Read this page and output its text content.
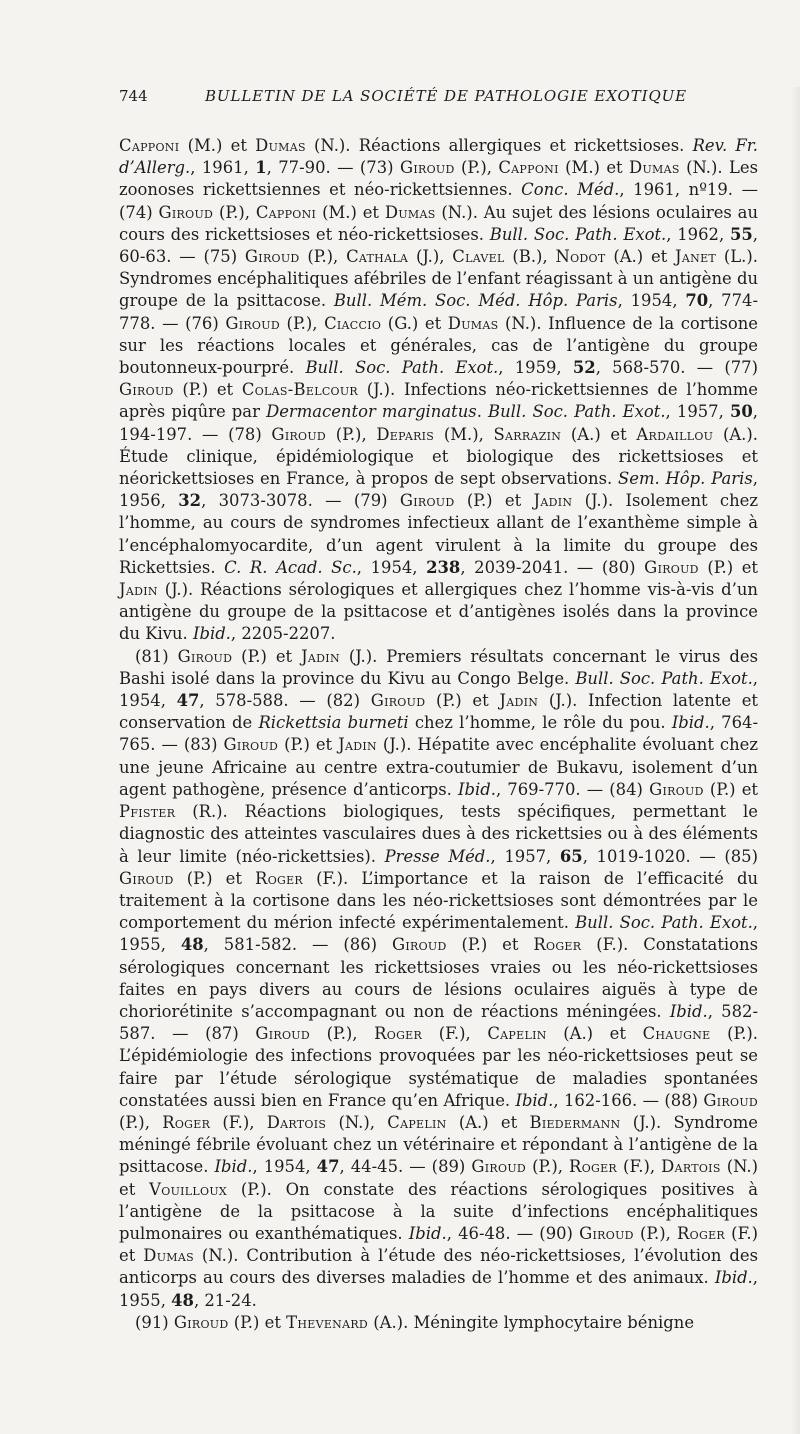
744	BULLETIN DE LA SOCIÉTÉ DE PATHOLOGIE EXOTIQUE

Capponi (M.) et Dumas (N.). Réactions allergiques et rickettsioses. Rev. Fr. d’Allerg., 1961, 1, 77-90. — (73) Giroud (P.), Capponi (M.) et Dumas (N.). Les zoonoses rickettsiennes et néo-rickettsiennes. Conc. Méd., 1961, nº19. — (74) Giroud (P.), Capponi (M.) et Dumas (N.). Au sujet des lésions oculaires au cours des rickettsioses et néo-rickettsioses. Bull. Soc. Path. Exot., 1962, 55, 60-63. — (75) Giroud (P.), Cathala (J.), Clavel (B.), Nodot (A.) et Janet (L.). Syndromes encéphalitiques afébriles de l’enfant réagissant à un antigène du groupe de la psittacose. Bull. Mém. Soc. Méd. Hôp. Paris, 1954, 70, 774-778. — (76) Giroud (P.), Ciaccio (G.) et Dumas (N.). Influence de la cortisone sur les réactions locales et générales, cas de l’antigène du groupe boutonneux-pourpré. Bull. Soc. Path. Exot., 1959, 52, 568-570. — (77) Giroud (P.) et Colas-Belcour (J.). Infections néo-rickettsiennes de l’homme après piqûre par Dermacentor marginatus. Bull. Soc. Path. Exot., 1957, 50, 194-197. — (78) Giroud (P.), Deparis (M.), Sarrazin (A.) et Ardaillou (A.). Étude clinique, épidémiologique et biologique des rickettsioses et néorickettsioses en France, à propos de sept observations. Sem. Hôp. Paris, 1956, 32, 3073-3078. — (79) Giroud (P.) et Jadin (J.). Isolement chez l’homme, au cours de syndromes infectieux allant de l’exanthème simple à l’encéphalomyocardite, d’un agent virulent à la limite du groupe des Rickettsies. C. R. Acad. Sc., 1954, 238, 2039-2041. — (80) Giroud (P.) et Jadin (J.). Réactions sérologiques et allergiques chez l’homme vis-à-vis d’un antigène du groupe de la psittacose et d’antigènes isolés dans la province du Kivu. Ibid., 2205-2207.

(81) Giroud (P.) et Jadin (J.). Premiers résultats concernant le virus des Bashi isolé dans la province du Kivu au Congo Belge. Bull. Soc. Path. Exot., 1954, 47, 578-588. — (82) Giroud (P.) et Jadin (J.). Infection latente et conservation de Rickettsia burneti chez l’homme, le rôle du pou. Ibid., 764-765. — (83) Giroud (P.) et Jadin (J.). Hépatite avec encéphalite évoluant chez une jeune Africaine au centre extra-coutumier de Bukavu, isolement d’un agent pathogène, présence d’anticorps. Ibid., 769-770. — (84) Giroud (P.) et Pfister (R.). Réactions biologiques, tests spécifiques, permettant le diagnostic des atteintes vasculaires dues à des rickettsies ou à des éléments à leur limite (néo-rickettsies). Presse Méd., 1957, 65, 1019-1020. — (85) Giroud (P.) et Roger (F.). L’importance et la raison de l’efficacité du traitement à la cortisone dans les néo-rickettsioses sont démontrées par le comportement du mérion infecté expérimentalement. Bull. Soc. Path. Exot., 1955, 48, 581-582. — (86) Giroud (P.) et Roger (F.). Constatations sérologiques concernant les rickettsioses vraies ou les néo-rickettsioses faites en pays divers au cours de lésions oculaires aiguës à type de choriorétinite s’accompagnant ou non de réactions méningées. Ibid., 582-587. — (87) Giroud (P.), Roger (F.), Capelin (A.) et Chaugne (P.). L’épidémiologie des infections provoquées par les néo-rickettsioses peut se faire par l’étude sérologique systématique de maladies spontanées constatées aussi bien en France qu’en Afrique. Ibid., 162-166. — (88) Giroud (P.), Roger (F.), Dartois (N.), Capelin (A.) et Biedermann (J.). Syndrome méningé fébrile évoluant chez un vétérinaire et répondant à l’antigène de la psittacose. Ibid., 1954, 47, 44-45. — (89) Giroud (P.), Roger (F.), Dartois (N.) et Vouilloux (P.). On constate des réactions sérologiques positives à l’antigène de la psittacose à la suite d’infections encéphalitiques pulmonaires ou exanthématiques. Ibid., 46-48. — (90) Giroud (P.), Roger (F.) et Dumas (N.). Contribution à l’étude des néo-rickettsioses, l’évolution des anticorps au cours des diverses maladies de l’homme et des animaux. Ibid., 1955, 48, 21-24.

(91) Giroud (P.) et Thevenard (A.). Méningite lymphocytaire bénigne
